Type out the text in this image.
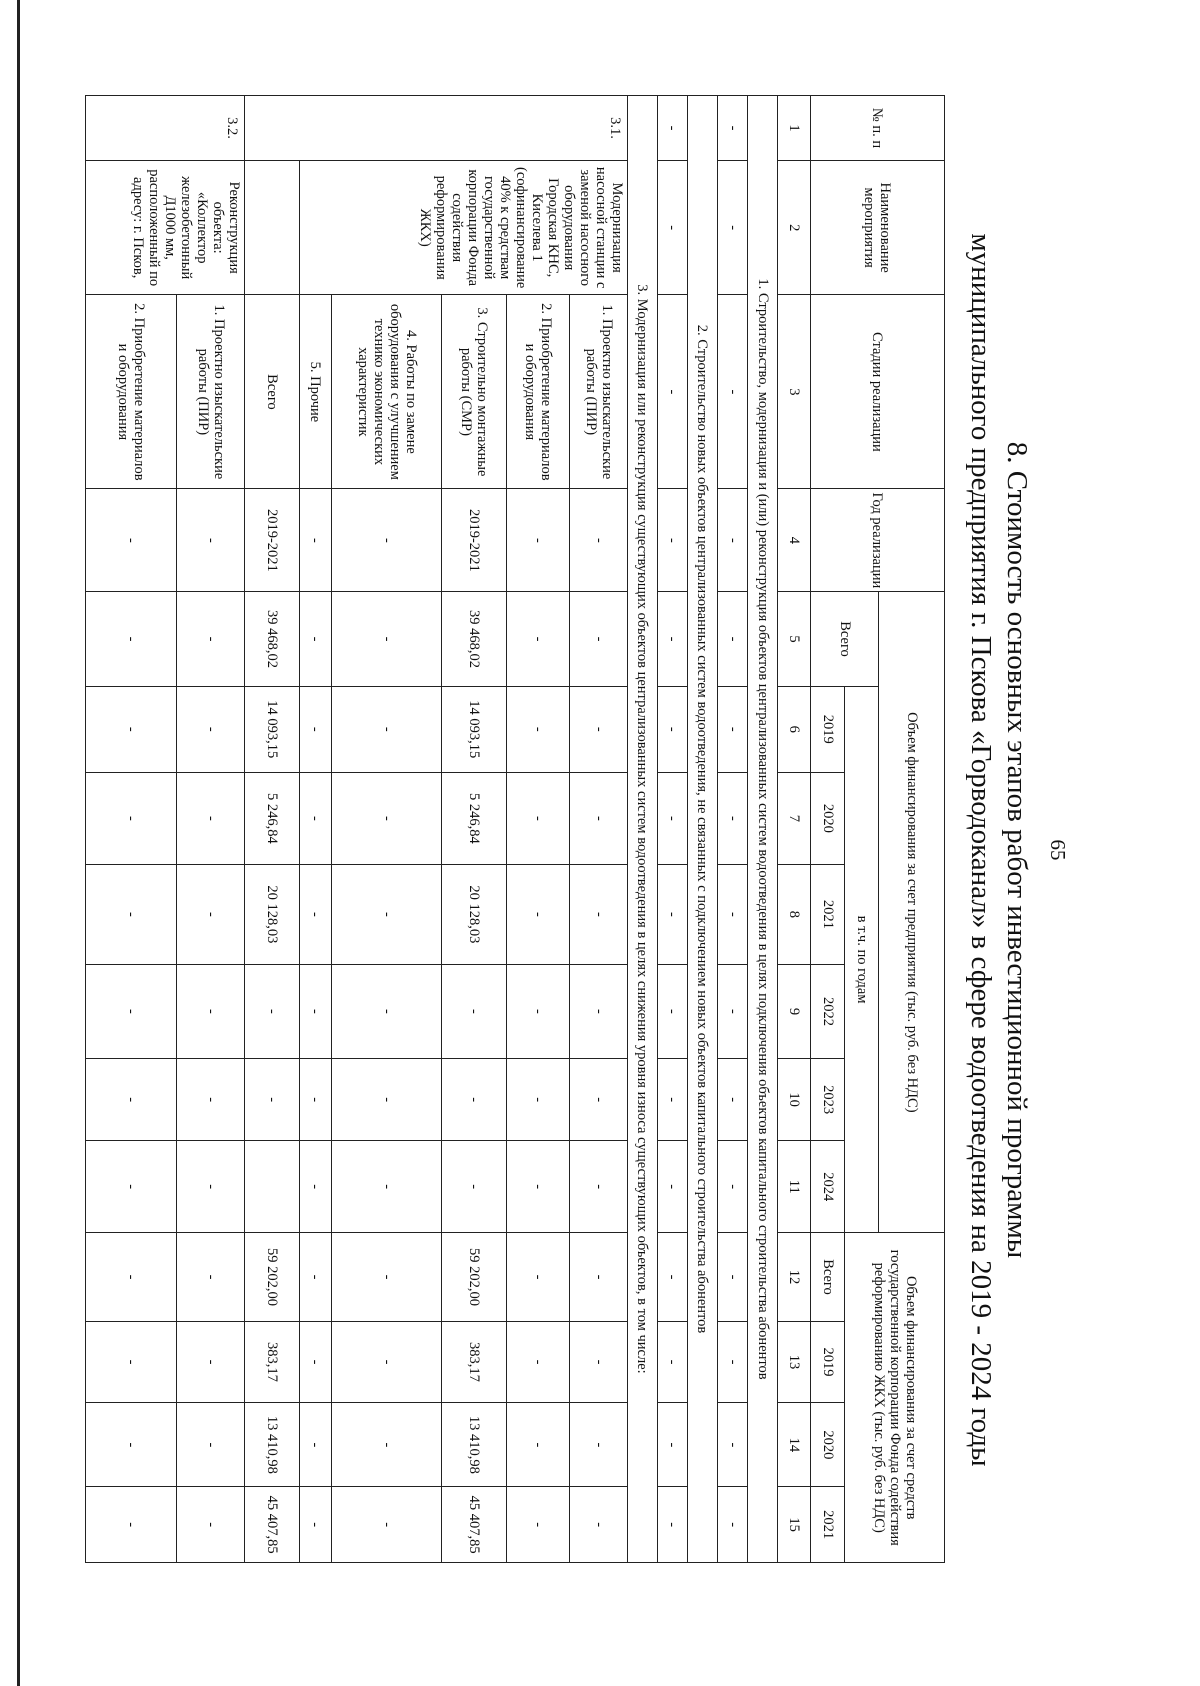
65
8. Стоимость основных этапов работ инвестиционной программы
муниципального предприятия г. Пскова «Горводоканал» в сфере водоотведения на 2019 - 2024 годы
№ п. п	Наименование мероприятия	Стадии реализации	Год реализации	Объем финансирования за счет предприятия (тыс. руб. без НДС)							Объем финансирования за счет средств государственной корпорации Фонда содействия реформированию ЖКХ (тыс. руб. без НДС)			
				Всего	в т.ч. по годам									
					2019	2020	2021	2022	2023	2024	Всего	2019	2020	2021
1	2	3	4	5	6	7	8	9	10	11	12	13	14	15
1. Строительство, модернизация и (или) реконструкция объектов централизованных систем водоотведения в целях подключения объектов капитального строительства абонентов														
-	-	-	-	-	-	-	-	-	-	-	-	-	-	-
2. Строительство новых объектов централизованных систем водоотведения, не связанных с подключением новых объектов капитального строительства абонентов														
-	-	-	-	-	-	-	-	-	-	-	-	-	-	-
3. Модернизация или реконструкция существующих объектов централизованных систем водоотведения в целях снижения уровня износа существующих объектов, в том числе:														
3.1.	Модернизация насосной станции с заменой насосного оборудования Городская КНС, Киселева 1 (софинансирование 40% к средствам государственной корпорации Фонда содействия реформирования ЖКХ)	1. Проектно изыскательские работы (ПИР)	-	-	-	-	-	-	-	-	-	-	-	-
		2. Приобретение материалов и оборудования	-	-	-	-	-	-	-	-	-	-	-	-
		3. Строительно монтажные работы (СМР)	2019-2021	39 468,02	14 093,15	5 246,84	20 128,03	-	-	-	59 202,00	383,17	13 410,98	45 407,85
		4. Работы по замене оборудования с улучшением технико экономических характеристик	-	-	-	-	-	-	-	-	-	-	-	-
		5. Прочие	-	-	-	-	-	-	-	-	-	-	-	-
		Всего	2019-2021	39 468,02	14 093,15	5 246,84	20 128,03	-	-		59 202,00	383,17	13 410,98	45 407,85
3.2.	Реконструкция объекта: «Коллектор железобетонный Д1000 мм, расположенный по адресу: г. Псков,	1. Проектно изыскательские работы (ПИР)	-	-	-	-	-	-	-	-	-	-	-	-
		2. Приобретение материалов и оборудования	-	-	-	-	-	-	-	-	-	-	-	-
